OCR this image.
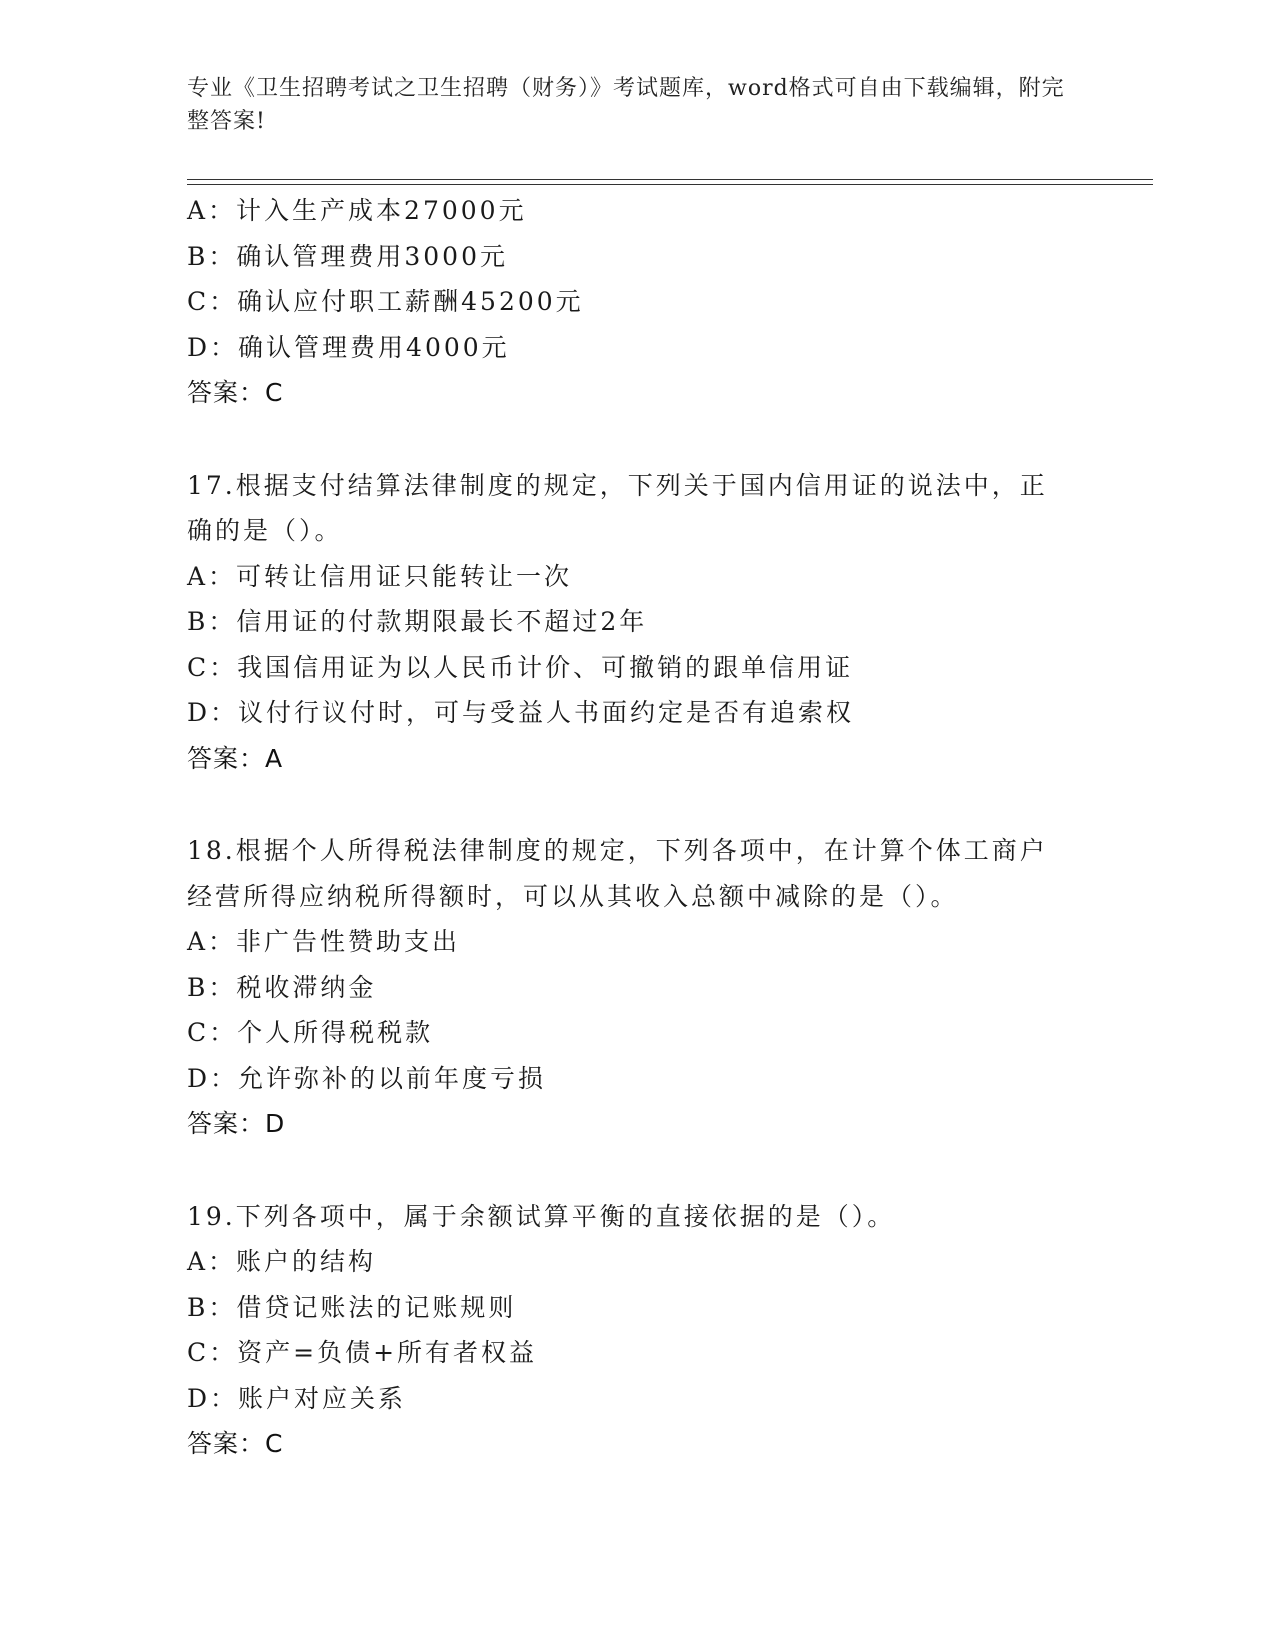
专业《卫生招聘考试之卫生招聘（财务）》考试题库，word格式可自由下载编辑，附完整答案!
A：计入生产成本27000元
B：确认管理费用3000元
C：确认应付职工薪酬45200元
D：确认管理费用4000元
答案：C
17.根据支付结算法律制度的规定，下列关于国内信用证的说法中，正确的是（）。
A：可转让信用证只能转让一次
B：信用证的付款期限最长不超过2年
C：我国信用证为以人民币计价、可撤销的跟单信用证
D：议付行议付时，可与受益人书面约定是否有追索权
答案：A
18.根据个人所得税法律制度的规定，下列各项中，在计算个体工商户经营所得应纳税所得额时，可以从其收入总额中减除的是（）。
A：非广告性赞助支出
B：税收滞纳金
C：个人所得税税款
D：允许弥补的以前年度亏损
答案：D
19.下列各项中，属于余额试算平衡的直接依据的是（）。
A：账户的结构
B：借贷记账法的记账规则
C：资产=负债+所有者权益
D：账户对应关系
答案：C
